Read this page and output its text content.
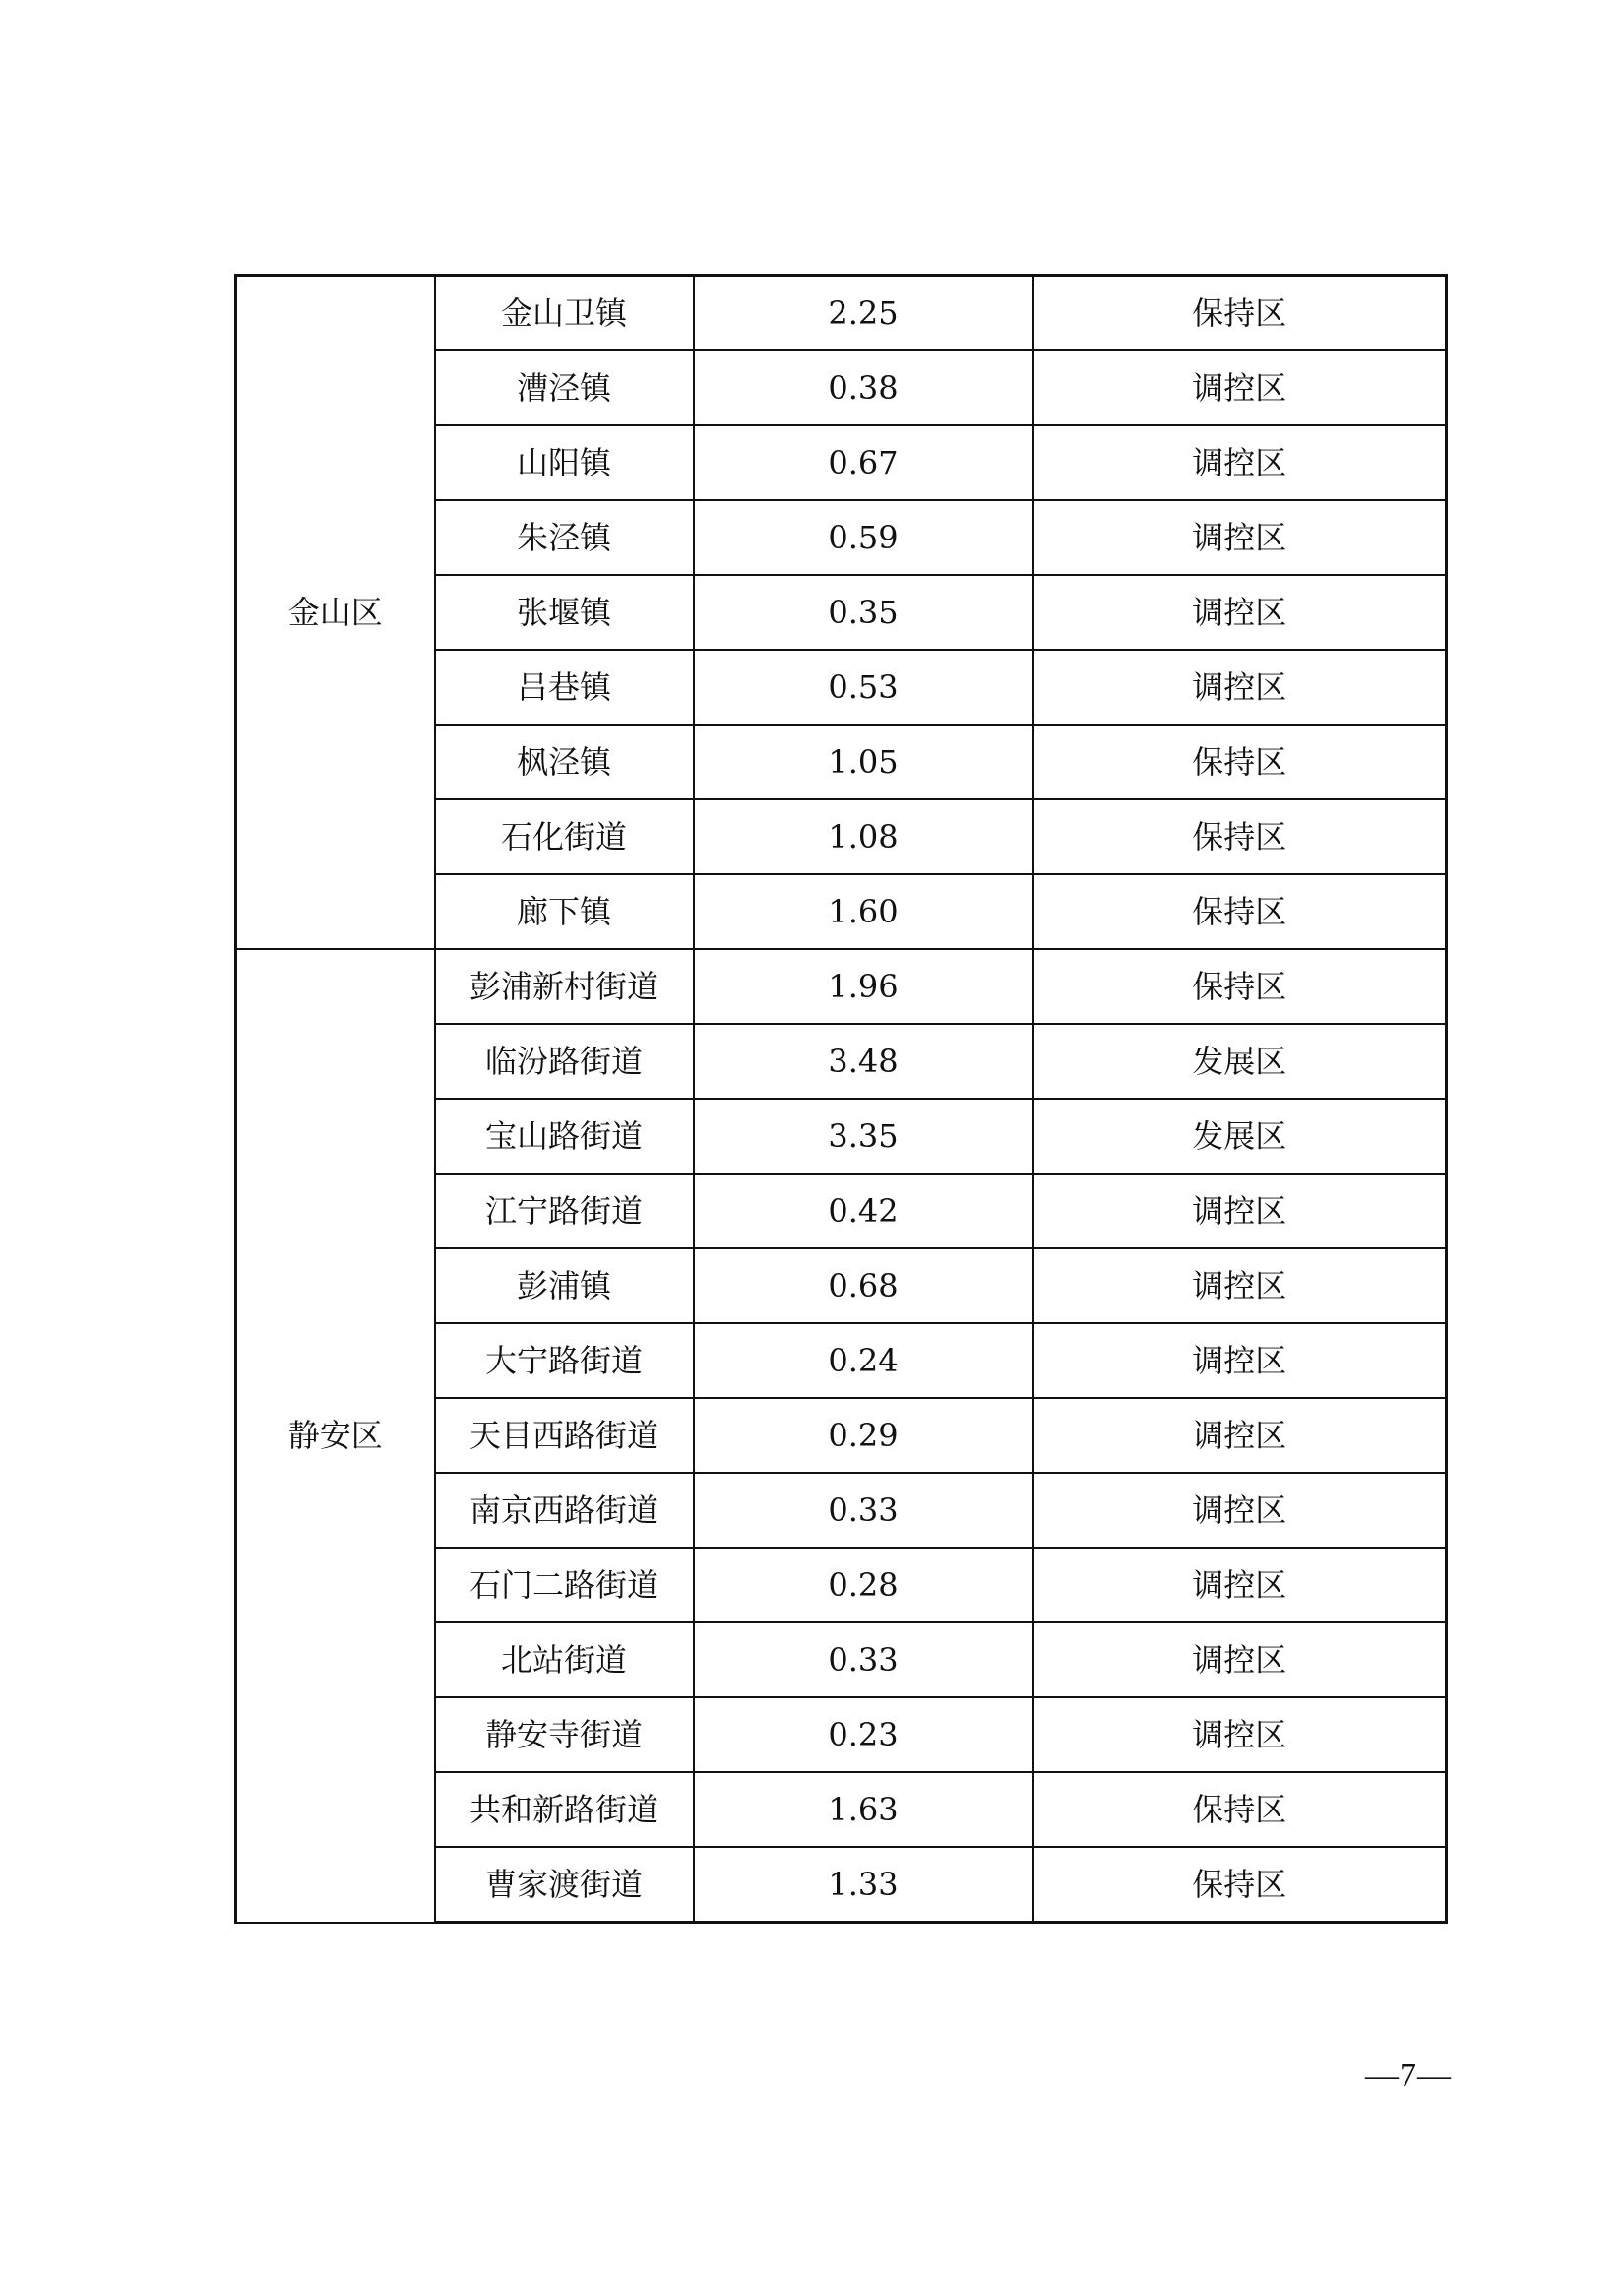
金山区	金山卫镇	2.25	保持区
	漕泾镇	0.38	调控区
	山阳镇	0.67	调控区
	朱泾镇	0.59	调控区
	张堰镇	0.35	调控区
	吕巷镇	0.53	调控区
	枫泾镇	1.05	保持区
	石化街道	1.08	保持区
	廊下镇	1.60	保持区
静安区	彭浦新村街道	1.96	保持区
	临汾路街道	3.48	发展区
	宝山路街道	3.35	发展区
	江宁路街道	0.42	调控区
	彭浦镇	0.68	调控区
	大宁路街道	0.24	调控区
	天目西路街道	0.29	调控区
	南京西路街道	0.33	调控区
	石门二路街道	0.28	调控区
	北站街道	0.33	调控区
	静安寺街道	0.23	调控区
	共和新路街道	1.63	保持区
	曹家渡街道	1.33	保持区
—7—
